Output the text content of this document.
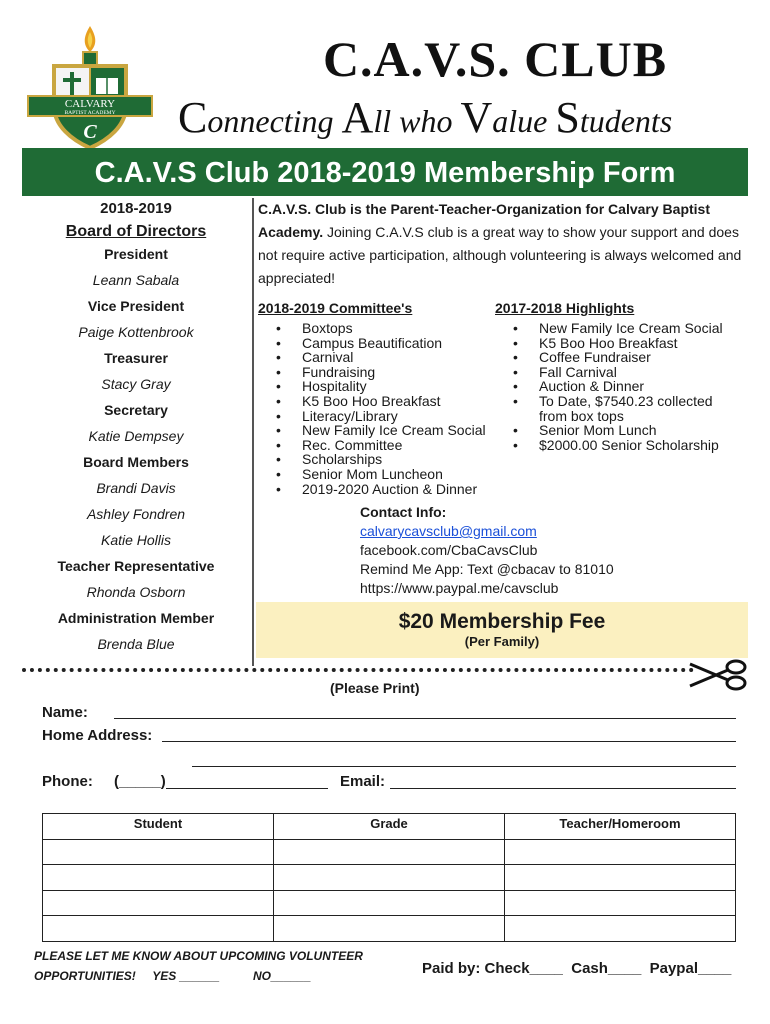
CALVARY
BAPTIST ACADEMY
C
C.A.V.S. CLUB
Connecting All who Value Students
C.A.V.S Club 2018-2019 Membership Form
2018-2019
Board of Directors
President
Leann Sabala
Vice President
Paige Kottenbrook
Treasurer
Stacy Gray
Secretary
Katie Dempsey
Board Members
Brandi Davis
Ashley Fondren
Katie Hollis
Teacher Representative
Rhonda Osborn
Administration Member
Brenda Blue
C.A.V.S. Club is the Parent-Teacher-Organization for Calvary Baptist Academy. Joining C.A.V.S club is a great way to show your support and does not require active participation, although volunteering is always welcomed and appreciated!
2018-2019 Committee's
• Boxtops
• Campus Beautification
• Carnival
• Fundraising
• Hospitality
• K5 Boo Hoo Breakfast
• Literacy/Library
• New Family Ice Cream Social
• Rec. Committee
• Scholarships
• Senior Mom Luncheon
• 2019-2020 Auction & Dinner
2017-2018 Highlights
• New Family Ice Cream Social
• K5 Boo Hoo Breakfast
• Coffee Fundraiser
• Fall Carnival
• Auction & Dinner
• To Date, $7540.23 collected from box tops
• Senior Mom Lunch
• $2000.00 Senior Scholarship
Contact Info:
calvarycavsclub@gmail.com
facebook.com/CbaCavsClub
Remind Me App: Text @cbacav to 81010
https://www.paypal.me/cavsclub
$20 Membership Fee
(Per Family)
(Please Print)
Name:
Home Address:
Phone: (_____)	Email:
Student	Grade	Teacher/Homeroom

PLEASE LET ME KNOW ABOUT UPCOMING VOLUNTEER
OPPORTUNITIES!     YES ______          NO______	Paid by: Check____  Cash____  Paypal____
